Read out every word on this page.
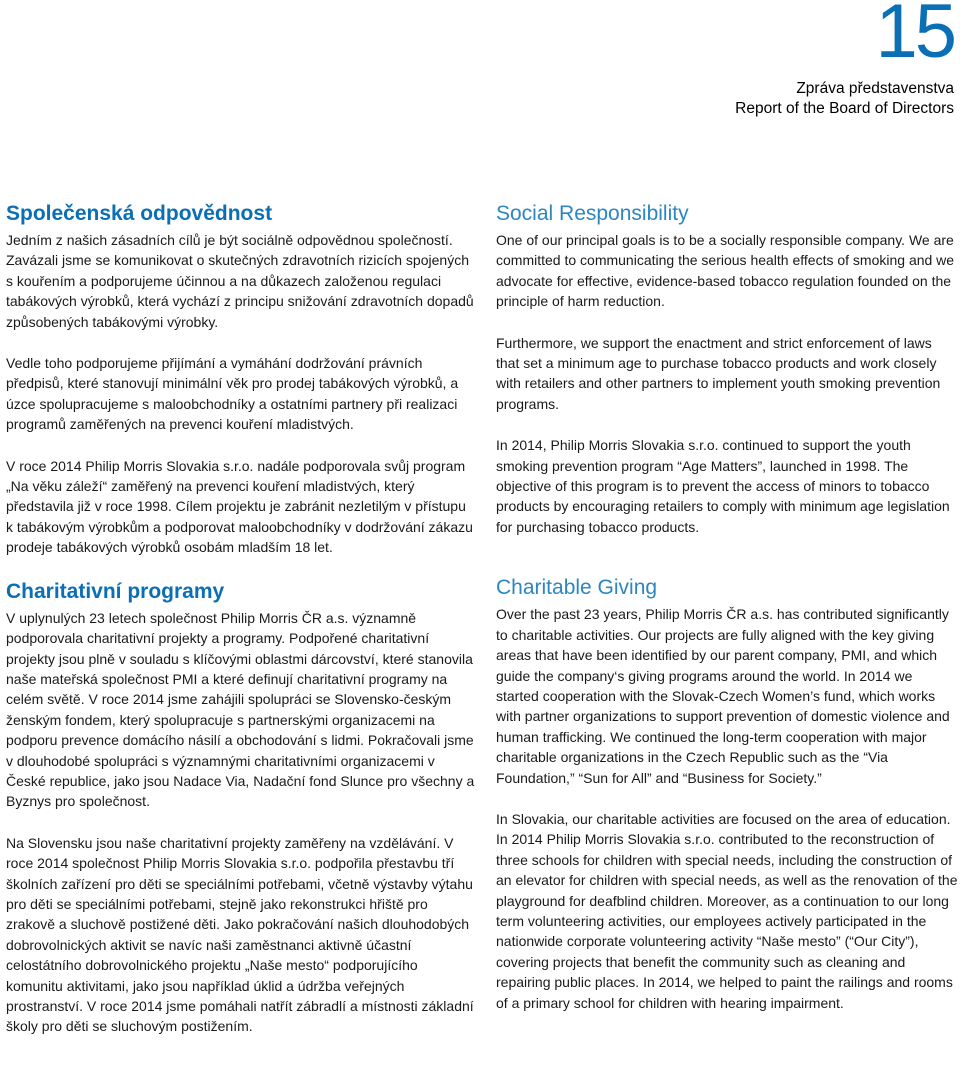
15
Zpráva představenstva
Report of the Board of Directors
Společenská odpovědnost

Jedním z našich zásadních cílů je být sociálně odpovědnou společností. Zavázali jsme se komunikovat o skutečných zdravotních rizicích spojených s kouřením a podporujeme účinnou a na důkazech založenou regulaci tabákových výrobků, která vychází z principu snižování zdravotních dopadů způsobených tabákovými výrobky.

Vedle toho podporujeme přijímání a vymáhání dodržování právních předpisů, které stanovují minimální věk pro prodej tabákových výrobků, a úzce spolupracujeme s maloobchodníky a ostatními partnery při realizaci programů zaměřených na prevenci kouření mladistvých.

V roce 2014 Philip Morris Slovakia s.r.o. nadále podporovala svůj program „Na věku záleží“ zaměřený na prevenci kouření mladistvých, který představila již v roce 1998. Cílem projektu je zabránit nezletilým v přístupu k tabákovým výrobkům a podporovat maloobchodníky v dodržování zákazu prodeje tabákových výrobků osobám mladším 18 let.

Charitativní programy

V uplynulých 23 letech společnost Philip Morris ČR a.s. významně podporovala charitativní projekty a programy. Podpořené charitativní projekty jsou plně v souladu s klíčovými oblastmi dárcovství, které stanovila naše mateřská společnost PMI a které definují charitativní programy na celém světě. V roce 2014 jsme zahájili spolupráci se Slovensko-českým ženským fondem, který spolupracuje s partnerskými organizacemi na podporu prevence domácího násilí a obchodování s lidmi. Pokračovali jsme v dlouhodobé spolupráci s významnými charitativními organizacemi v České republice, jako jsou Nadace Via, Nadační fond Slunce pro všechny a Byznys pro společnost.

Na Slovensku jsou naše charitativní projekty zaměřeny na vzdělávání. V roce 2014 společnost Philip Morris Slovakia s.r.o. podpořila přestavbu tří školních zařízení pro děti se speciálními potřebami, včetně výstavby výtahu pro děti se speciálními potřebami, stejně jako rekonstrukci hřiště pro zrakově a sluchově postižené děti. Jako pokračování našich dlouhodobých dobrovolnických aktivit se navíc naši zaměstnanci aktivně účastní celostátního dobrovolnického projektu „Naše mesto“ podporujícího komunitu aktivitami, jako jsou například úklid a údržba veřejných prostranství. V roce 2014 jsme pomáhali natřít zábradlí a místnosti základní školy pro děti se sluchovým postižením.

Social Responsibility

One of our principal goals is to be a socially responsible company. We are committed to communicating the serious health effects of smoking and we advocate for effective, evidence-based tobacco regulation founded on the principle of harm reduction.

Furthermore, we support the enactment and strict enforcement of laws that set a minimum age to purchase tobacco products and work closely with retailers and other partners to implement youth smoking prevention programs.

In 2014, Philip Morris Slovakia s.r.o. continued to support the youth smoking prevention program “Age Matters”, launched in 1998. The objective of this program is to prevent the access of minors to tobacco products by encouraging retailers to comply with minimum age legislation for purchasing tobacco products.

Charitable Giving

Over the past 23 years, Philip Morris ČR a.s. has contributed significantly to charitable activities. Our projects are fully aligned with the key giving areas that have been identified by our parent company, PMI, and which guide the company‘s giving programs around the world. In 2014 we started cooperation with the Slovak-Czech Women’s fund, which works with partner organizations to support prevention of domestic violence and human trafficking. We continued the long-term cooperation with major charitable organizations in the Czech Republic such as the “Via Foundation,” “Sun for All” and “Business for Society.”

In Slovakia, our charitable activities are focused on the area of education. In 2014 Philip Morris Slovakia s.r.o. contributed to the reconstruction of three schools for children with special needs, including the construction of an elevator for children with special needs, as well as the renovation of the playground for deafblind children. Moreover, as a continuation to our long term volunteering activities, our employees actively participated in the nationwide corporate volunteering activity “Naše mesto” (“Our City”), covering projects that benefit the community such as cleaning and repairing public places. In 2014, we helped to paint the railings and rooms of a primary school for children with hearing impairment.
